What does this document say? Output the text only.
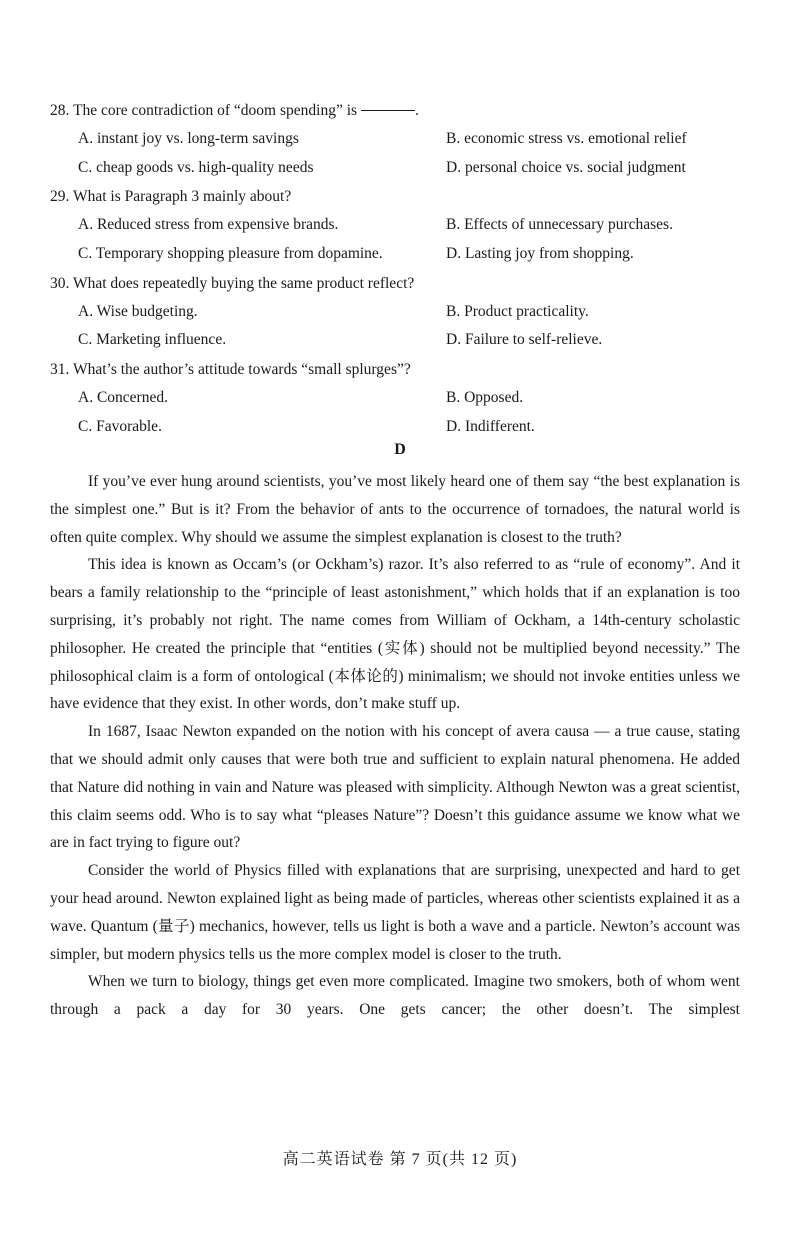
28. The core contradiction of “doom spending” is	.
A. instant joy vs. long-term savings	B. economic stress vs. emotional relief
C. cheap goods vs. high-quality needs	D. personal choice vs. social judgment
29. What is Paragraph 3 mainly about?
A. Reduced stress from expensive brands.	B. Effects of unnecessary purchases.
C. Temporary shopping pleasure from dopamine.	D. Lasting joy from shopping.
30. What does repeatedly buying the same product reflect?
A. Wise budgeting.	B. Product practicality.
C. Marketing influence.	D. Failure to self-relieve.
31. What’s the author’s attitude towards “small splurges”?
A. Concerned.	B. Opposed.
C. Favorable.	D. Indifferent.
D

If you’ve ever hung around scientists, you’ve most likely heard one of them say “the best explanation is the simplest one.” But is it? From the behavior of ants to the occurrence of tornadoes, the natural world is often quite complex. Why should we assume the simplest explanation is closest to the truth?

This idea is known as Occam’s (or Ockham’s) razor. It’s also referred to as “rule of economy”. And it bears a family relationship to the “principle of least astonishment,” which holds that if an explanation is too surprising, it’s probably not right. The name comes from William of Ockham, a 14th-century scholastic philosopher. He created the principle that “entities (实体) should not be multiplied beyond necessity.” The philosophical claim is a form of ontological (本体论的) minimalism; we should not invoke entities unless we have evidence that they exist. In other words, don’t make stuff up.

In 1687, Isaac Newton expanded on the notion with his concept of avera causa — a true cause, stating that we should admit only causes that were both true and sufficient to explain natural phenomena. He added that Nature did nothing in vain and Nature was pleased with simplicity. Although Newton was a great scientist, this claim seems odd. Who is to say what “pleases Nature”? Doesn’t this guidance assume we know what we are in fact trying to figure out?

Consider the world of Physics filled with explanations that are surprising, unexpected and hard to get your head around. Newton explained light as being made of particles, whereas other scientists explained it as a wave. Quantum (量子) mechanics, however, tells us light is both a wave and a particle. Newton’s account was simpler, but modern physics tells us the more complex model is closer to the truth.

When we turn to biology, things get even more complicated. Imagine two smokers, both of whom went through a pack a day for 30 years. One gets cancer; the other doesn’t. The simplest

高二英语试卷 第 7 页(共 12 页)
